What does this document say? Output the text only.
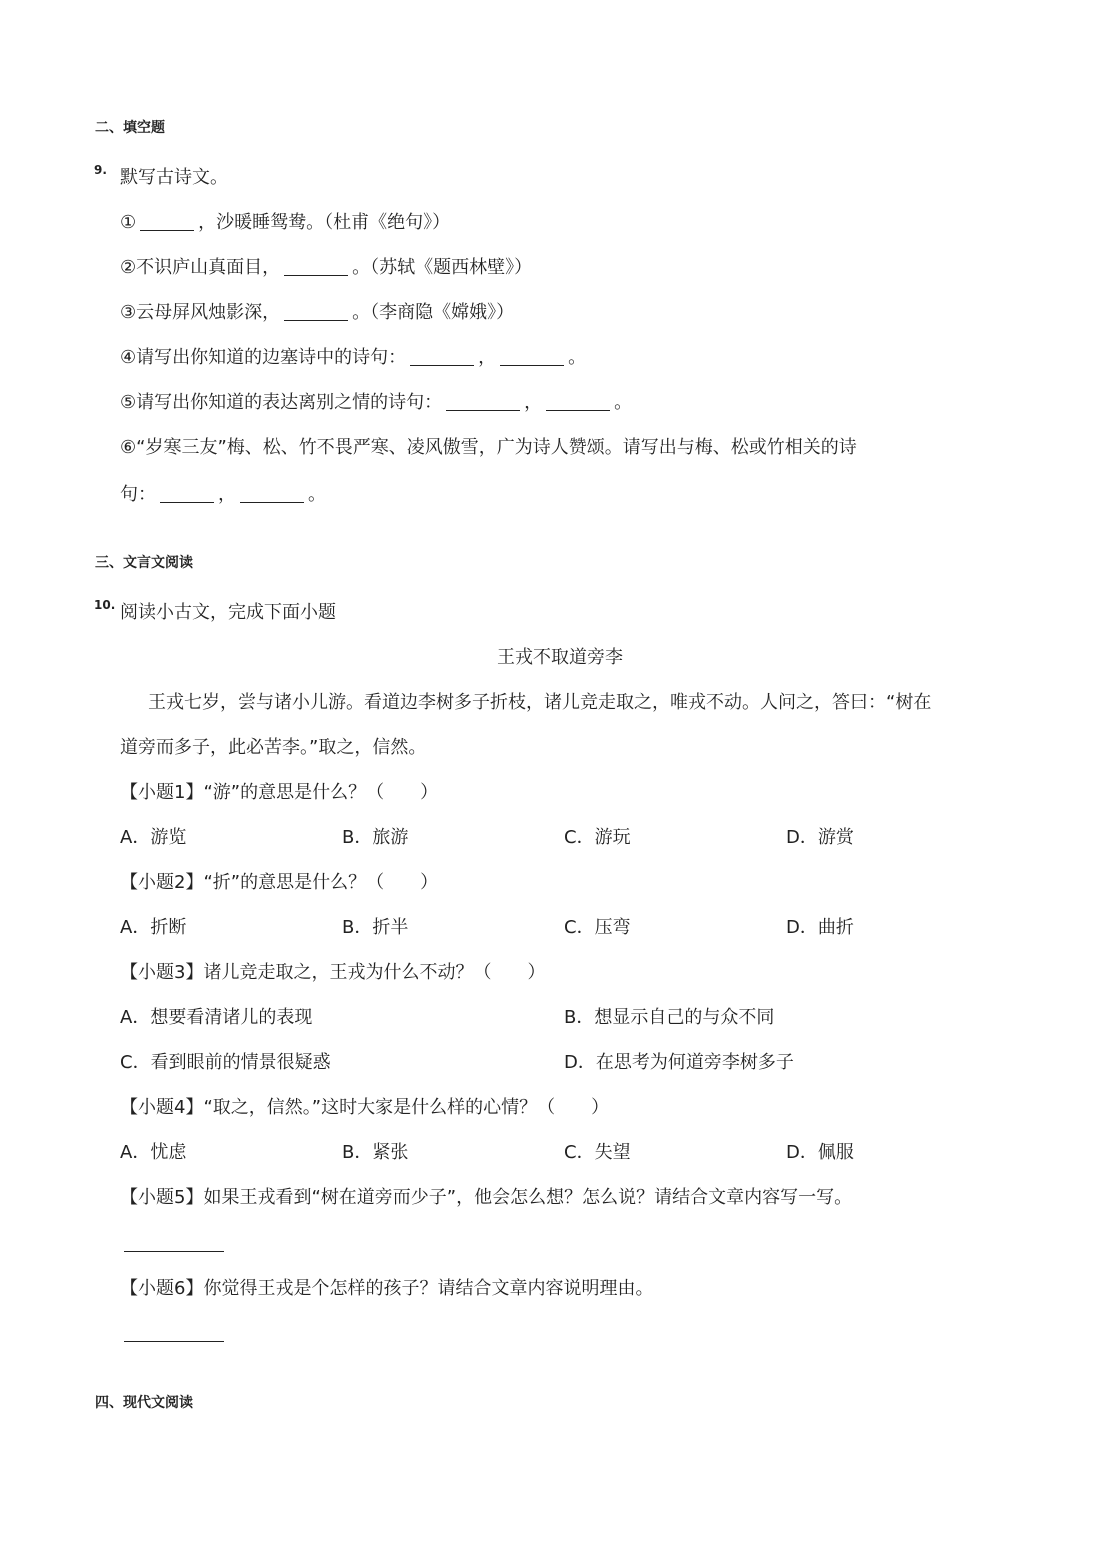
二、填空题
9. 默写古诗文。
①	，沙暖睡鸳鸯。（杜甫《绝句》）
②不识庐山真面目，	。（苏轼《题西林壁》）
③云母屏风烛影深，	。（李商隐《嫦娥》）
④请写出你知道的边塞诗中的诗句：	，	。
⑤请写出你知道的表达离别之情的诗句：	，	。
⑥“岁寒三友”梅、松、竹不畏严寒、凌风傲雪，广为诗人赞颂。请写出与梅、松或竹相关的诗
句：	，	。
三、文言文阅读
10. 阅读小古文，完成下面小题
王戎不取道旁李
王戎七岁，尝与诸小儿游。看道边李树多子折枝，诸儿竞走取之，唯戎不动。人问之，答曰：“树在
道旁而多子，此必苦李。”取之，信然。
【小题1】“游”的意思是什么？（　　）
A．游览	B．旅游	C．游玩	D．游赏
【小题2】“折”的意思是什么？（　　）
A．折断	B．折半	C．压弯	D．曲折
【小题3】诸儿竞走取之，王戎为什么不动？（　　）
A．想要看清诸儿的表现	B．想显示自己的与众不同
C．看到眼前的情景很疑惑	D．在思考为何道旁李树多子
【小题4】“取之，信然。”这时大家是什么样的心情？（　　）
A．忧虑	B．紧张	C．失望	D．佩服
【小题5】如果王戎看到“树在道旁而少子”，他会怎么想？怎么说？请结合文章内容写一写。
【小题6】你觉得王戎是个怎样的孩子？请结合文章内容说明理由。
四、现代文阅读
